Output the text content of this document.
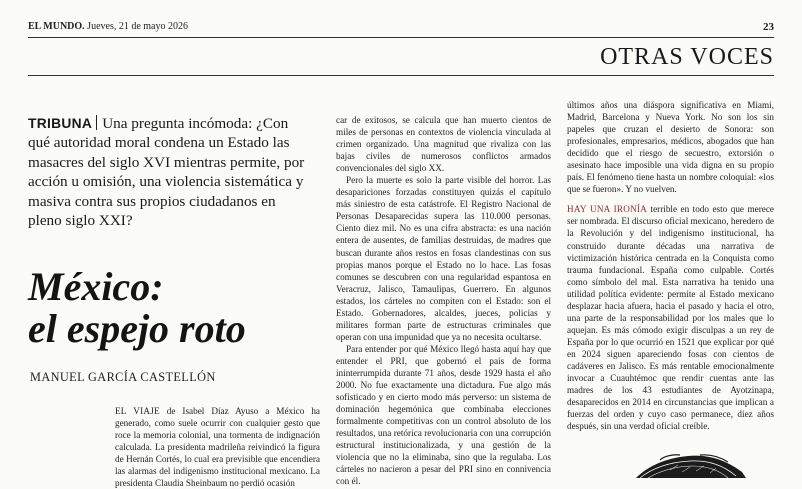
EL MUNDO. Jueves, 21 de mayo 2026	23
OTRAS VOCES

TRIBUNA Una pregunta incómoda: ¿Con qué autoridad moral condena un Estado las masacres del siglo XVI mientras permite, por acción u omisión, una violencia sistemática y masiva contra sus propios ciudadanos en pleno siglo XXI?

México:
el espejo roto
MANUEL GARCÍA CASTELLÓN

EL VIAJE de Isabel Díaz Ayuso a México ha generado, como suele ocurrir con cualquier gesto que roce la memoria colonial, una tormenta de indignación calculada. La presidenta madrileña reivindicó la figura de Hernán Cortés, lo cual era previsible que encendiera las alarmas del indigenismo institucional mexicano. La presidenta Claudia Sheinbaum no perdió ocasión

car de exitosos, se calcula que han muerto cientos de miles de personas en contextos de violencia vinculada al crimen organizado. Una magnitud que rivaliza con las bajas civiles de numerosos conflictos armados convencionales del siglo XX.

Pero la muerte es solo la parte visible del horror. Las desapariciones forzadas constituyen quizás el capítulo más siniestro de esta catástrofe. El Registro Nacional de Personas Desaparecidas supera las 110.000 personas. Ciento diez mil. No es una cifra abstracta: es una nación entera de ausentes, de familias destruidas, de madres que buscan durante años restos en fosas clandestinas con sus propias manos porque el Estado no lo hace. Las fosas comunes se descubren con una regularidad espantosa en Veracruz, Jalisco, Tamaulipas, Guerrero. En algunos estados, los cárteles no compiten con el Estado: son el Estado. Gobernadores, alcaldes, jueces, policías y militares forman parte de estructuras criminales que operan con una impunidad que ya no necesita ocultarse.

Para entender por qué México llegó hasta aquí hay que entender el PRI, que gobernó el país de forma ininterrumpida durante 71 años, desde 1929 hasta el año 2000. No fue exactamente una dictadura. Fue algo más sofisticado y en cierto modo más perverso: un sistema de dominación hegemónica que combinaba elecciones formalmente competitivas con un control absoluto de los resultados, una retórica revolucionaria con una corrupción estructural institucionalizada, y una gestión de la violencia que no la eliminaba, sino que la regulaba. Los cárteles no nacieron a pesar del PRI sino en connivencia con él.

últimos años una diáspora significativa en Miami, Madrid, Barcelona y Nueva York. No son los sin papeles que cruzan el desierto de Sonora: son profesionales, empresarios, médicos, abogados que han decidido que el riesgo de secuestro, extorsión o asesinato hace imposible una vida digna en su propio país. El fenómeno tiene hasta un nombre coloquial: «los que se fueron». Y no vuelven.

HAY UNA IRONÍA terrible en todo esto que merece ser nombrada. El discurso oficial mexicano, heredero de la Revolución y del indigenismo institucional, ha construido durante décadas una narrativa de victimización histórica centrada en la Conquista como trauma fundacional. España como culpable. Cortés como símbolo del mal. Esta narrativa ha tenido una utilidad política evidente: permite al Estado mexicano desplazar hacia afuera, hacia el pasado y hacia el otro, una parte de la responsabilidad por los males que lo aquejan. Es más cómodo exigir disculpas a un rey de España por lo que ocurrió en 1521 que explicar por qué en 2024 siguen apareciendo fosas con cientos de cadáveres en Jalisco. Es más rentable emocionalmente invocar a Cuauhtémoc que rendir cuentas ante las madres de los 43 estudiantes de Ayotzinapa, desaparecidos en 2014 en circunstancias que implican a fuerzas del orden y cuyo caso permanece, diez años después, sin una verdad oficial creíble.
